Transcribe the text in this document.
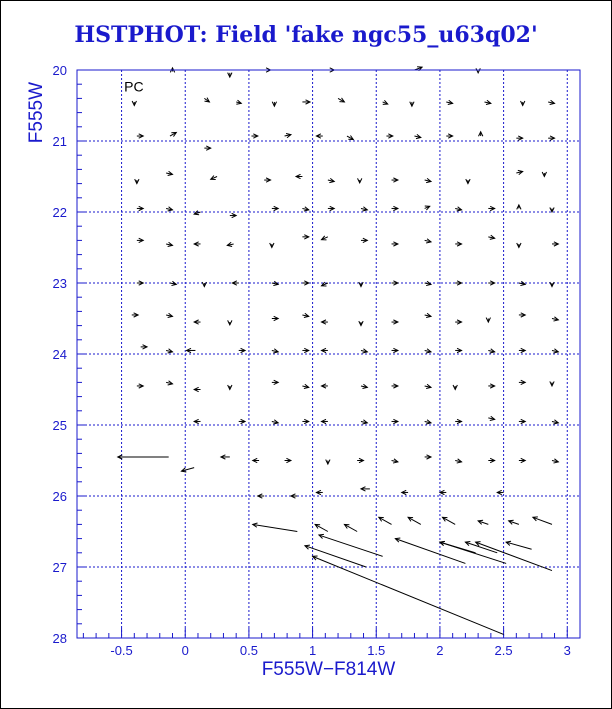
HSTPHOT: Field 'fake ngc55_u63q02'
-0.5	0	0.5	1	1.5	2	2.5	3
20
21
22
23
24
25
26
27
28
PC
F555W−F814W
F555W
